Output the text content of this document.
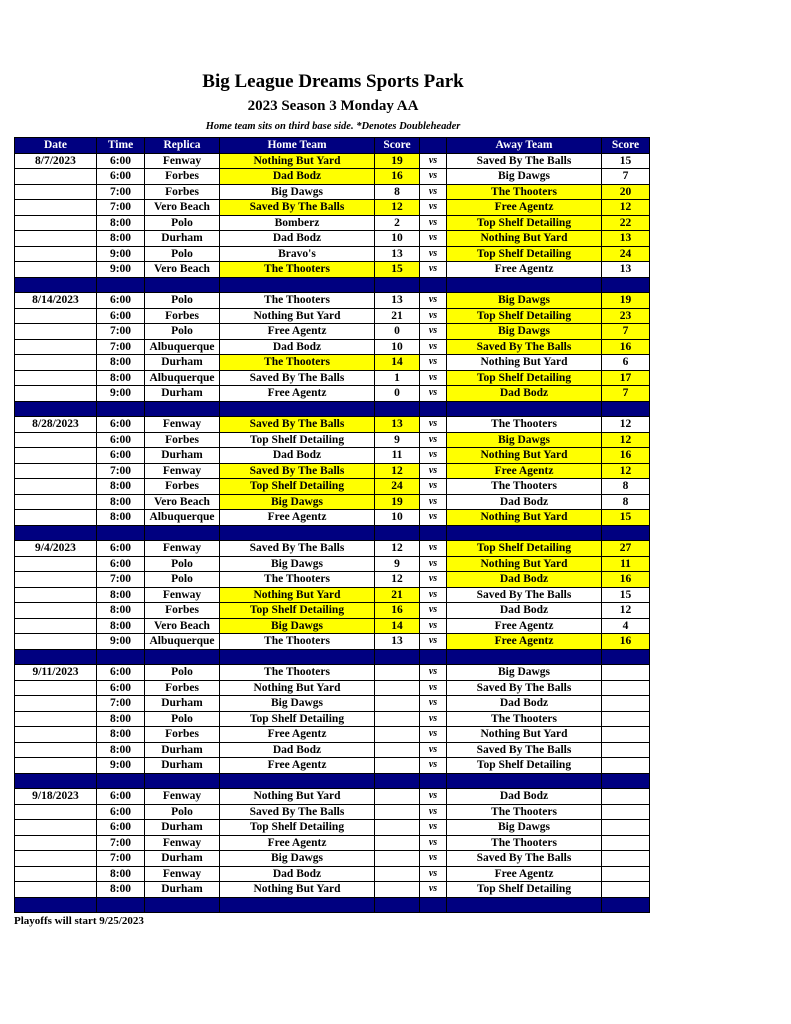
Big League Dreams Sports Park
2023 Season 3 Monday AA
Home team sits on third base side. *Denotes Doubleheader
Date	Time	Replica	Home Team	Score		Away Team	Score
8/7/2023	6:00	Fenway	Nothing But Yard	19	vs	Saved By The Balls	15
	6:00	Forbes	Dad Bodz	16	vs	Big Dawgs	7
	7:00	Forbes	Big Dawgs	8	vs	The Thooters	20
	7:00	Vero Beach	Saved By The Balls	12	vs	Free Agentz	12
	8:00	Polo	Bomberz	2	vs	Top Shelf Detailing	22
	8:00	Durham	Dad Bodz	10	vs	Nothing But Yard	13
	9:00	Polo	Bravo's	13	vs	Top Shelf Detailing	24
	9:00	Vero Beach	The Thooters	15	vs	Free Agentz	13

8/14/2023	6:00	Polo	The Thooters	13	vs	Big Dawgs	19
	6:00	Forbes	Nothing But Yard	21	vs	Top Shelf Detailing	23
	7:00	Polo	Free Agentz	0	vs	Big Dawgs	7
	7:00	Albuquerque	Dad Bodz	10	vs	Saved By The Balls	16
	8:00	Durham	The Thooters	14	vs	Nothing But Yard	6
	8:00	Albuquerque	Saved By The Balls	1	vs	Top Shelf Detailing	17
	9:00	Durham	Free Agentz	0	vs	Dad Bodz	7

8/28/2023	6:00	Fenway	Saved By The Balls	13	vs	The Thooters	12
	6:00	Forbes	Top Shelf Detailing	9	vs	Big Dawgs	12
	6:00	Durham	Dad Bodz	11	vs	Nothing But Yard	16
	7:00	Fenway	Saved By The Balls	12	vs	Free Agentz	12
	8:00	Forbes	Top Shelf Detailing	24	vs	The Thooters	8
	8:00	Vero Beach	Big Dawgs	19	vs	Dad Bodz	8
	8:00	Albuquerque	Free Agentz	10	vs	Nothing But Yard	15

9/4/2023	6:00	Fenway	Saved By The Balls	12	vs	Top Shelf Detailing	27
	6:00	Polo	Big Dawgs	9	vs	Nothing But Yard	11
	7:00	Polo	The Thooters	12	vs	Dad Bodz	16
	8:00	Fenway	Nothing But Yard	21	vs	Saved By The Balls	15
	8:00	Forbes	Top Shelf Detailing	16	vs	Dad Bodz	12
	8:00	Vero Beach	Big Dawgs	14	vs	Free Agentz	4
	9:00	Albuquerque	The Thooters	13	vs	Free Agentz	16

9/11/2023	6:00	Polo	The Thooters		vs	Big Dawgs	
	6:00	Forbes	Nothing But Yard		vs	Saved By The Balls	
	7:00	Durham	Big Dawgs		vs	Dad Bodz	
	8:00	Polo	Top Shelf Detailing		vs	The Thooters	
	8:00	Forbes	Free Agentz		vs	Nothing But Yard	
	8:00	Durham	Dad Bodz		vs	Saved By The Balls	
	9:00	Durham	Free Agentz		vs	Top Shelf Detailing	

9/18/2023	6:00	Fenway	Nothing But Yard		vs	Dad Bodz	
	6:00	Polo	Saved By The Balls		vs	The Thooters	
	6:00	Durham	Top Shelf Detailing		vs	Big Dawgs	
	7:00	Fenway	Free Agentz		vs	The Thooters	
	7:00	Durham	Big Dawgs		vs	Saved By The Balls	
	8:00	Fenway	Dad Bodz		vs	Free Agentz	
	8:00	Durham	Nothing But Yard		vs	Top Shelf Detailing	

Playoffs will start 9/25/2023
